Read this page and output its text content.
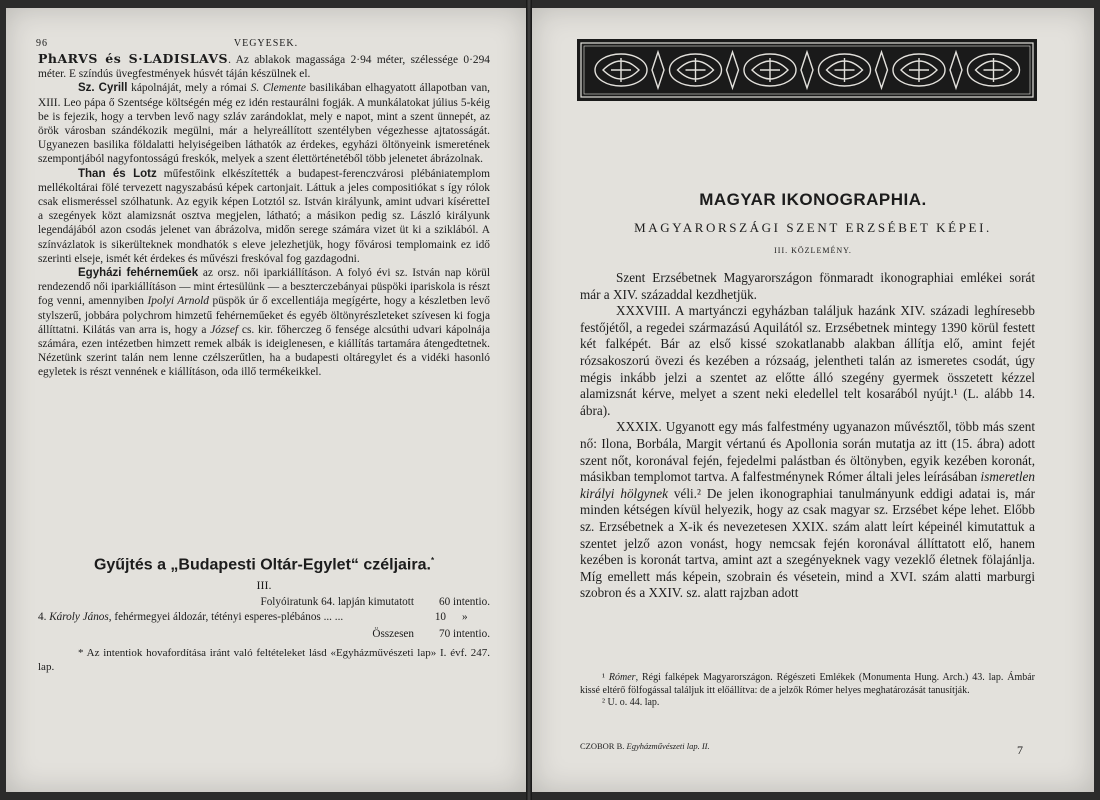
96	VEGYESEK.

PhARVS és S·LADISLAVS. Az ablakok magassága 2·94 méter, szélessége 0·294 méter. E színdús üvegfestmények húsvét táján készülnek el.

Sz. Cyrill kápolnáját, mely a római S. Clemente basilikában elhagyatott állapotban van, XIII. Leo pápa ő Szentsége költségén még ez idén restaurálni fogják. A munkálatokat július 5-kéig be is fejezik, hogy a tervben levő nagy szláv zarándoklat, mely e napot, mint a szent ünnepét, az örök városban szándékozik megülni, már a helyreállított szentélyben végezhesse ajtatosságát. Ugyanezen basilika földalatti helyiségeiben láthatók az érdekes, egyházi öltönyeink ismeretének szempontjából nagyfontosságú freskók, melyek a szent élettörténetéből több jelenetet ábrázolnak.

Than és Lotz műfestőink elkészítették a budapest-ferenczvárosi plébániatemplom mellékoltárai fölé tervezett nagyszabású képek cartonjait. Láttuk a jeles compositiókat s így rólok csak elismeréssel szólhatunk. Az egyik képen Lotztól sz. István királyunk, amint udvari kíséretteI a szegények közt alamizsnát osztva megjelen, látható; a másikon pedig sz. László királyunk legendájából azon csodás jelenet van ábrázolva, midőn serege számára vizet üt ki a sziklából. A színvázlatok is sikerülteknek mondhatók s eleve jelezhetjük, hogy fővárosi templomaink ez idő szerinti elseje, ismét két érdekes és művészi freskóval fog gazdagodni.

Egyházi fehérneműek az orsz. női iparkiállításon. A folyó évi sz. István nap körül rendezendő női iparkiállításon — mint értesülünk — a beszterczebányai püspöki ipariskola is részt fog venni, amennyiben Ipolyi Arnold püspök úr ő excellentiája megígérte, hogy a készletben levő stylszerű, jobbára polychrom himzetű fehérneműeket és egyéb öltönyrészleteket szívesen ki fogja állíttatni. Kilátás van arra is, hogy a József cs. kir. főherczeg ő fensége alcsúthi udvari kápolnája számára, ezen intézetben himzett remek albák is ideiglenesen, e kiállítás tartamára átengedtetnek. Nézetünk szerint talán nem lenne czélszerűtlen, ha a budapesti oltáregylet és a vidéki hasonló egyletek is részt vennének e kiállításon, oda illő termékeikkel.

Gyűjtés a „Budapesti Oltár-Egylet“ czéljaira.*
III.
Folyóiratunk 64. lapján kimutatott	60 intentio.
4. Károly János, fehérmegyei áldozár, tétényi esperes-plébános ... ...	10 »
Összesen	70 intentio.

* Az intentiok hovafordítása iránt való feltételeket lásd «Egyházművészeti lap» I. évf. 247. lap.

MAGYAR IKONOGRAPHIA.
MAGYARORSZÁGI SZENT ERZSÉBET KÉPEI.
III. KÖZLEMÉNY.

Szent Erzsébetnek Magyarországon fönmaradt ikonographiai emlékei sorát már a XIV. századdal kezdhetjük.

XXXVIII. A martyánczi egyházban találjuk hazánk XIV. századi leghíresebb festőjétől, a regedei származású Aquilától sz. Erzsébetnek mintegy 1390 körül festett két falképét. Bár az első kissé szokatlanabb alakban állítja elő, amint fejét rózsakoszorú övezi és kezében a rózsaág, jelentheti talán az ismeretes csodát, úgy mégis inkább jelzi a szentet az előtte álló szegény gyermek összetett kézzel alamizsnát kérve, melyet a szent neki eledellel telt kosarából nyújt.¹ (L. alább 14. ábra).

XXXIX. Ugyanott egy más falfestmény ugyanazon művésztől, több más szent nő: Ilona, Borbála, Margit vértanú és Apollonia során mutatja az itt (15. ábra) adott szent nőt, koronával fején, fejedelmi palástban és öltönyben, egyik kezében koronát, másikban templomot tartva. A falfestménynek Rómer általi jeles leírásában ismeretlen királyi hölgynek véli.² De jelen ikonographiai tanulmányunk eddigi adatai is, már minden kétségen kívül helyezik, hogy az csak magyar sz. Erzsébet képe lehet. Előbb sz. Erzsébetnek a X-ik és nevezetesen XXIX. szám alatt leírt képeinél kimutattuk a szentet jelző azon vonást, hogy nemcsak fején koronával állíttatott elő, hanem kezében is koronát tartva, amint azt a szegényeknek vagy vezeklő életnek fölajánlja. Míg emellett más képein, szobrain és vésetein, mind a XVI. szám alatti marburgi szobron és a XXIV. sz. alatt rajzban adott

¹ Rómer, Régi falképek Magyarországon. Régészeti Emlékek (Monumenta Hung. Arch.) 43. lap. Ámbár kissé eltérő fölfogással találjuk itt előállítva: de a jelzők Rómer helyes meghatározását tanusítják.

² U. o. 44. lap.

CZOBOR B. Egyházművészeti lap. II.	7
